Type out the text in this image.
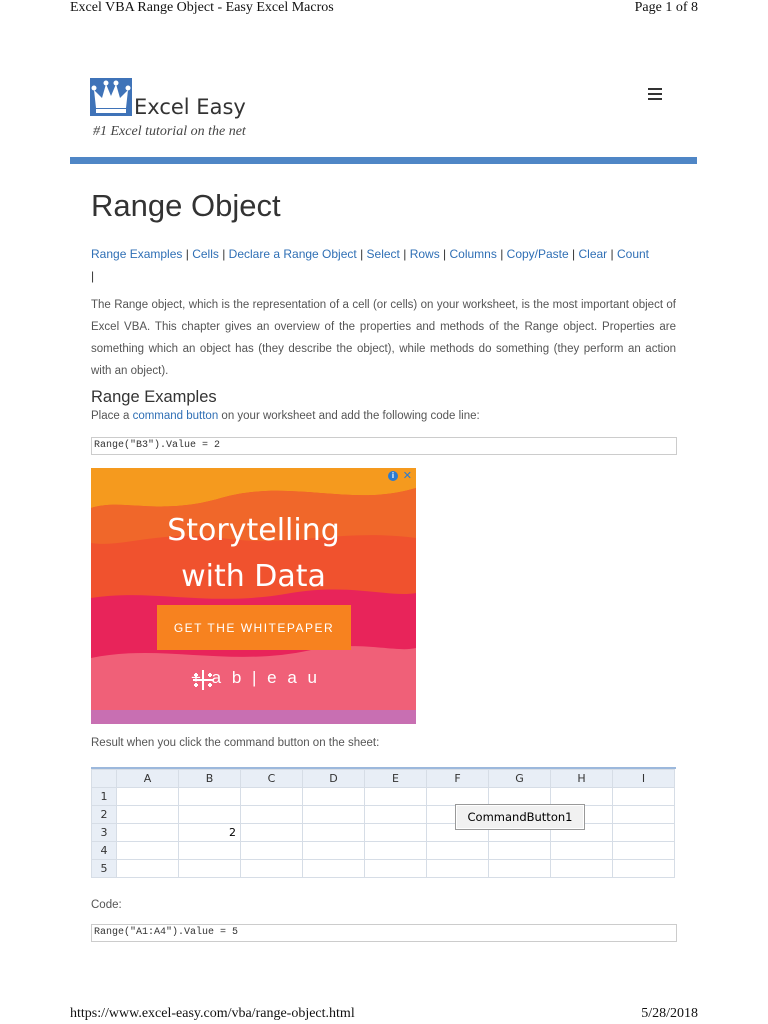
Excel VBA Range Object - Easy Excel Macros	Page 1 of 8
Excel Easy
#1 Excel tutorial on the net
Range Object
Range Examples | Cells | Declare a Range Object | Select | Rows | Columns | Copy/Paste | Clear | Count |
The Range object, which is the representation of a cell (or cells) on your worksheet, is the most important object of Excel VBA. This chapter gives an overview of the properties and methods of the Range object. Properties are something which an object has (they describe the object), while methods do something (they perform an action with an object).
Range Examples
Place a command button on your worksheet and add the following code line:
Range("B3").Value = 2
Storytelling
with Data
GET THE WHITEPAPER
+ a b | e a u
i ✕
Result when you click the command button on the sheet:
	A	B	C	D	E	F	G	H	I
1									
2									
3		2							
4									
5									
CommandButton1
Code:
Range("A1:A4").Value = 5
https://www.excel-easy.com/vba/range-object.html	5/28/2018
